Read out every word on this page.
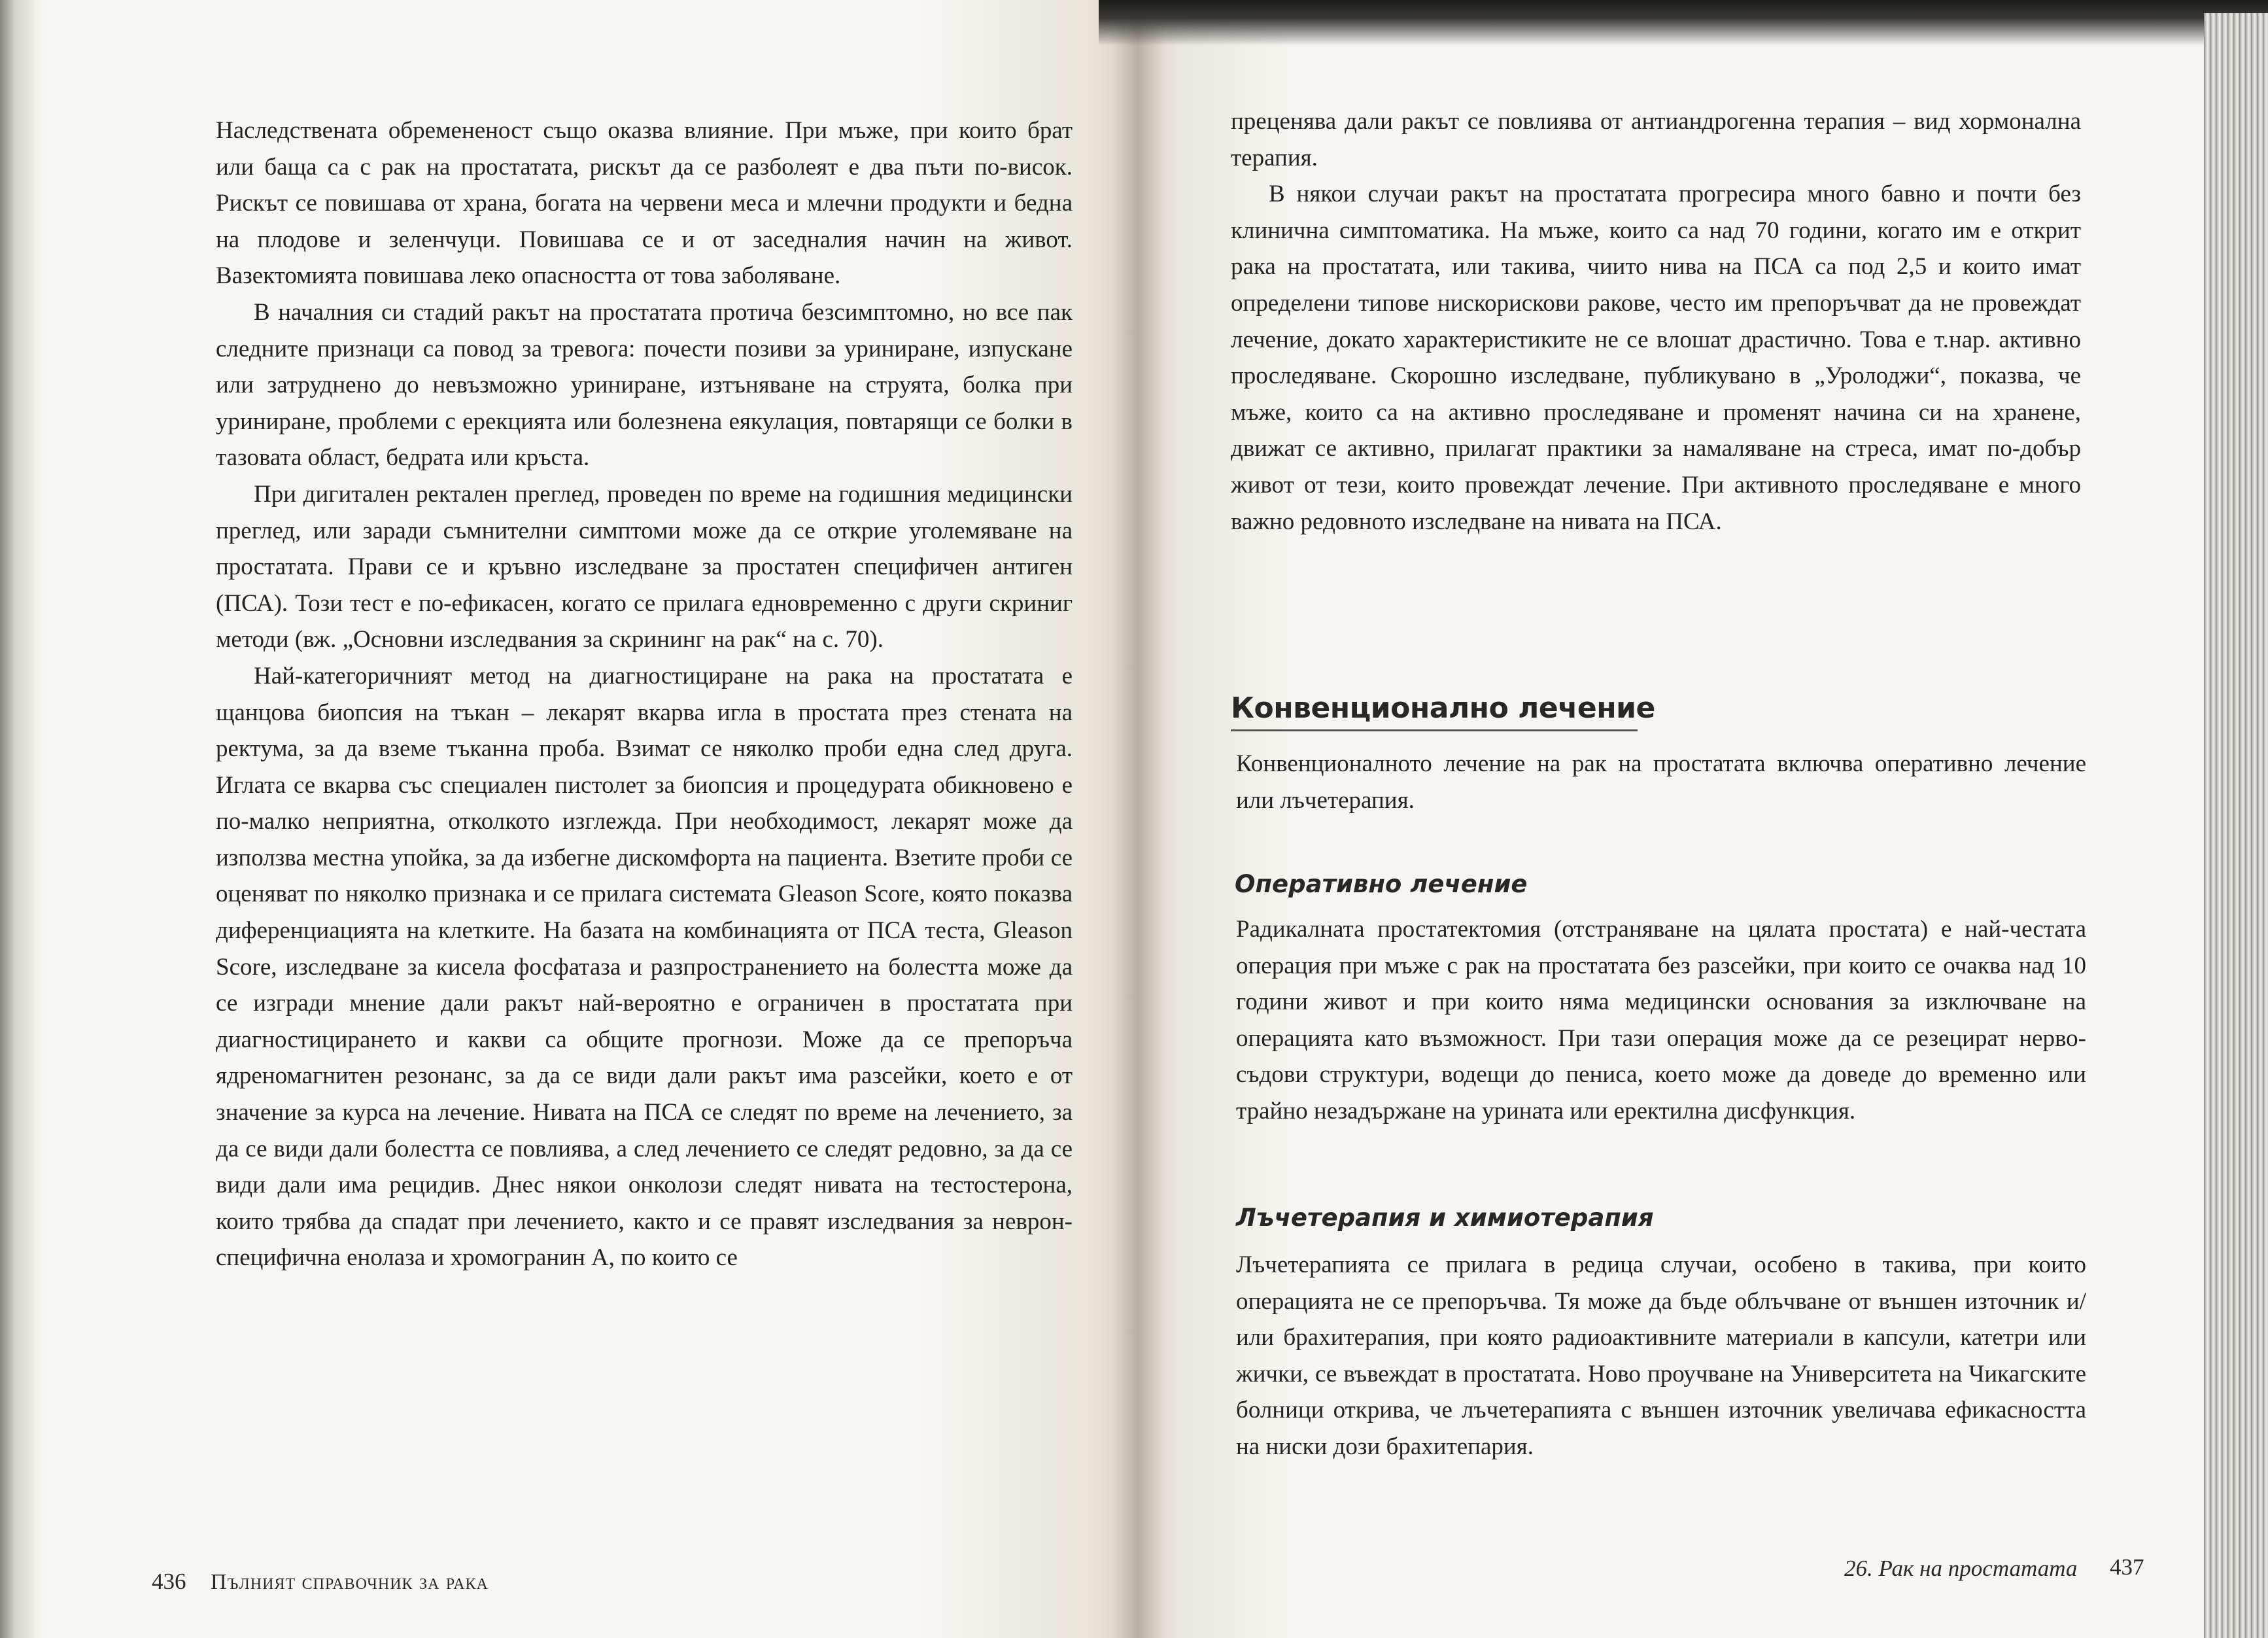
Наследствената обремененост също оказва влияние. При мъже, при които брат или баща са с рак на простатата, рискът да се разболеят е два пъти по-висок. Рискът се повишава от храна, богата на червени меса и млечни продукти и бедна на плодове и зеленчуци. Повишава се и от заседналия начин на живот. Вазектомията повишава леко опасността от това заболяване.

В началния си стадий ракът на простатата протича безсимптомно, но все пак следните признаци са повод за тревога: почести позиви за уриниране, изпускане или затруднено до невъзможно уриниране, изтъняване на струята, болка при уриниране, проблеми с ерекцията или болезнена еякулация, повтарящи се болки в тазовата област, бедрата или кръста.

При дигитален ректален преглед, проведен по време на годишния медицински преглед, или заради съмнителни симптоми може да се открие уголемяване на простатата. Прави се и кръвно изследване за простатен специфичен антиген (ПСА). Този тест е по-ефикасен, когато се прилага едновременно с други скриниг методи (вж. „Основни изследвания за скрининг на рак“ на с. 70).

Най-категоричният метод на диагностициране на рака на простатата е щанцова биопсия на тъкан – лекарят вкарва игла в простата през стената на ректума, за да вземе тъканна проба. Взимат се няколко проби една след друга. Иглата се вкарва със специален пистолет за биопсия и процедурата обикновено е по-малко неприятна, отколкото изглежда. При необходимост, лекарят може да използва местна упойка, за да избегне дискомфорта на пациента. Взетите проби се оценяват по няколко признака и се прилага системата Gleason Score, която показва диференциацията на клетките. На базата на комбинацията от ПСА теста, Gleason Score, изследване за кисела фосфатаза и разпространението на болестта може да се изгради мнение дали ракът най-вероятно е ограничен в простатата при диагностицирането и какви са общите прогнози. Може да се препоръча ядреномагнитен резонанс, за да се види дали ракът има разсейки, което е от значение за курса на лечение. Нивата на ПСА се следят по време на лечението, за да се види дали болестта се повлиява, а след лечението се следят редовно, за да се види дали има рецидив. Днес някои онколози следят нивата на тестостерона, които трябва да спадат при лечението, както и се правят изследвания за неврон-специфична енолаза и хромогранин А, по които се

436 Пълният справочник за рака

преценява дали ракът се повлиява от антиандрогенна терапия – вид хормонална терапия.

В някои случаи ракът на простатата прогресира много бавно и почти без клинична симптоматика. На мъже, които са над 70 години, когато им е открит рака на простатата, или такива, чиито нива на ПСА са под 2,5 и които имат определени типове нискорискови ракове, често им препоръчват да не провеждат лечение, докато характеристиките не се влошат драстично. Това е т.нар. активно проследяване. Скорошно изследване, публикувано в „Уролоджи“, показва, че мъже, които са на активно проследяване и променят начина си на хранене, движат се активно, прилагат практики за намаляване на стреса, имат по-добър живот от тези, които провеждат лечение. При активното проследяване е много важно редовното изследване на нивата на ПСА.

Конвенционално лечение

Конвенционалното лечение на рак на простатата включва оперативно лечение или лъчетерапия.

Оперативно лечение

Радикалната простатектомия (отстраняване на цялата простата) е най-честата операция при мъже с рак на простатата без разсейки, при които се очаква над 10 години живот и при които няма медицински основания за изключване на операцията като възможност. При тази операция може да се резецират нерво-съдови структури, водещи до пениса, което може да доведе до временно или трайно незадържане на урината или еректилна дисфункция.

Лъчетерапия и химиотерапия

Лъчетерапията се прилага в редица случаи, особено в такива, при които операцията не се препоръчва. Тя може да бъде облъчване от външен източник и/или брахитерапия, при която радиоактивните материали в капсули, катетри или жички, се въвеждат в простатата. Ново проучване на Университета на Чикагските болници открива, че лъчетерапията с външен източник увеличава ефикасността на ниски дози брахитепария.

26. Рак на простатата 437
